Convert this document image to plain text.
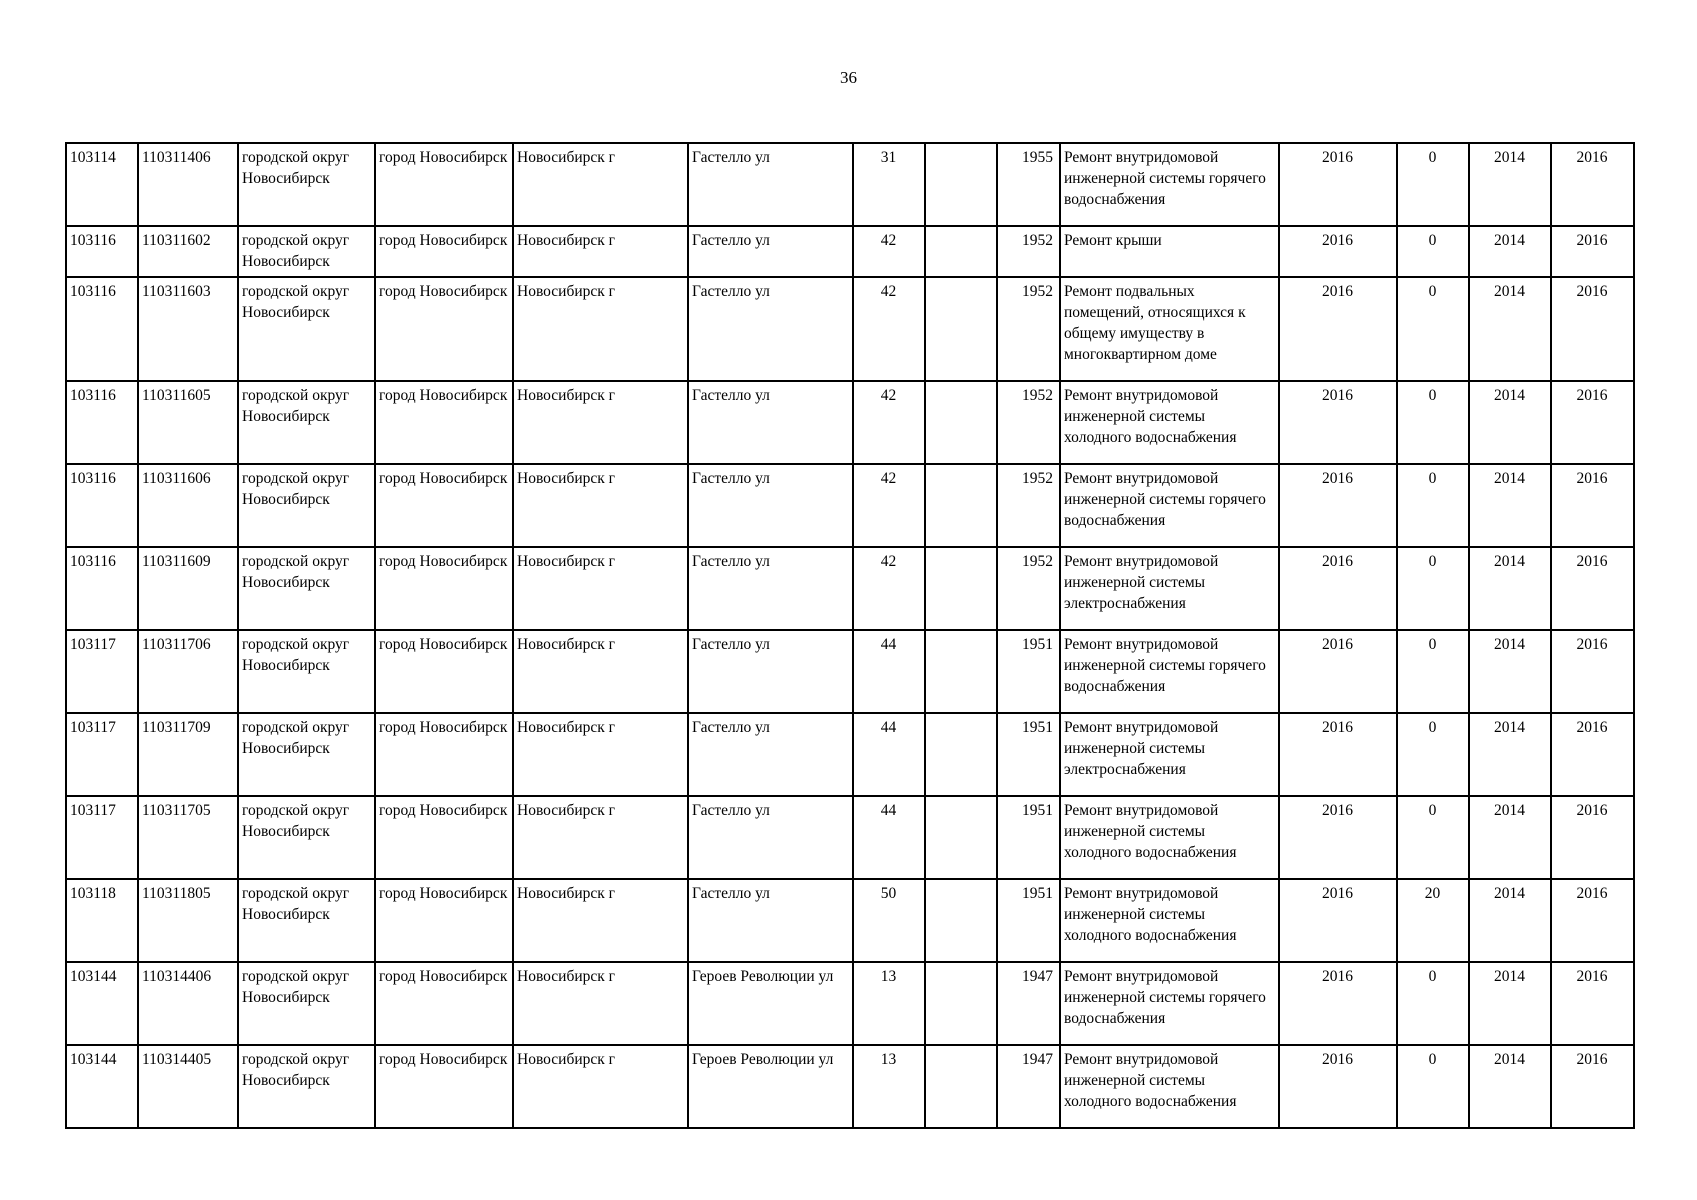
36
103114	110311406	городской округ Новосибирск	город Новосибирск	Новосибирск г	Гастелло ул	31		1955	Ремонт внутридомовой инженерной системы горячего водоснабжения	2016	0	2014	2016
103116	110311602	городской округ Новосибирск	город Новосибирск	Новосибирск г	Гастелло ул	42		1952	Ремонт крыши	2016	0	2014	2016
103116	110311603	городской округ Новосибирск	город Новосибирск	Новосибирск г	Гастелло ул	42		1952	Ремонт подвальных помещений, относящихся к общему имуществу в многоквартирном доме	2016	0	2014	2016
103116	110311605	городской округ Новосибирск	город Новосибирск	Новосибирск г	Гастелло ул	42		1952	Ремонт внутридомовой инженерной системы холодного водоснабжения	2016	0	2014	2016
103116	110311606	городской округ Новосибирск	город Новосибирск	Новосибирск г	Гастелло ул	42		1952	Ремонт внутридомовой инженерной системы горячего водоснабжения	2016	0	2014	2016
103116	110311609	городской округ Новосибирск	город Новосибирск	Новосибирск г	Гастелло ул	42		1952	Ремонт внутридомовой инженерной системы электроснабжения	2016	0	2014	2016
103117	110311706	городской округ Новосибирск	город Новосибирск	Новосибирск г	Гастелло ул	44		1951	Ремонт внутридомовой инженерной системы горячего водоснабжения	2016	0	2014	2016
103117	110311709	городской округ Новосибирск	город Новосибирск	Новосибирск г	Гастелло ул	44		1951	Ремонт внутридомовой инженерной системы электроснабжения	2016	0	2014	2016
103117	110311705	городской округ Новосибирск	город Новосибирск	Новосибирск г	Гастелло ул	44		1951	Ремонт внутридомовой инженерной системы холодного водоснабжения	2016	0	2014	2016
103118	110311805	городской округ Новосибирск	город Новосибирск	Новосибирск г	Гастелло ул	50		1951	Ремонт внутридомовой инженерной системы холодного водоснабжения	2016	20	2014	2016
103144	110314406	городской округ Новосибирск	город Новосибирск	Новосибирск г	Героев Революции ул	13		1947	Ремонт внутридомовой инженерной системы горячего водоснабжения	2016	0	2014	2016
103144	110314405	городской округ Новосибирск	город Новосибирск	Новосибирск г	Героев Революции ул	13		1947	Ремонт внутридомовой инженерной системы холодного водоснабжения	2016	0	2014	2016
